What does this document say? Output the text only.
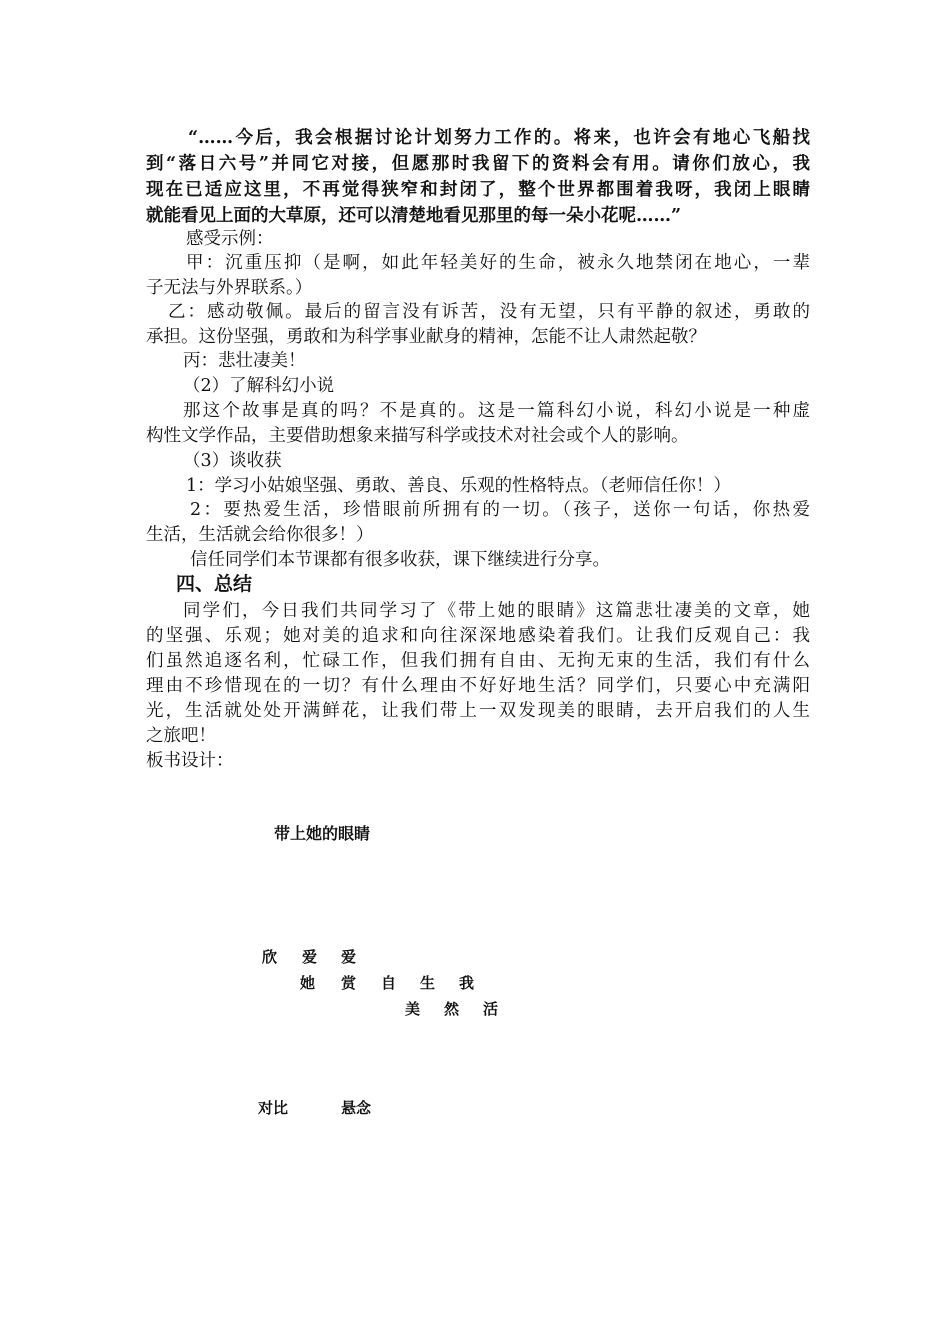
“……今后，我会根据讨论计划努力工作的。将来，也许会有地心飞船找
到“落日六号”并同它对接，但愿那时我留下的资料会有用。请你们放心，我
现在已适应这里，不再觉得狭窄和封闭了，整个世界都围着我呀，我闭上眼睛
就能看见上面的大草原，还可以清楚地看见那里的每一朵小花呢……”
感受示例：
甲：沉重压抑（是啊，如此年轻美好的生命，被永久地禁闭在地心，一辈
子无法与外界联系。）
乙：感动敬佩。最后的留言没有诉苦，没有无望，只有平静的叙述，勇敢的
承担。这份坚强，勇敢和为科学事业献身的精神，怎能不让人肃然起敬？
丙：悲壮凄美！
（2）了解科幻小说
那这个故事是真的吗？不是真的。这是一篇科幻小说，科幻小说是一种虚
构性文学作品，主要借助想象来描写科学或技术对社会或个人的影响。
（3）谈收获
1：学习小姑娘坚强、勇敢、善良、乐观的性格特点。（老师信任你！）
2：要热爱生活，珍惜眼前所拥有的一切。（孩子，送你一句话，你热爱
生活，生活就会给你很多！）
信任同学们本节课都有很多收获，课下继续进行分享。
四、总结
同学们，今日我们共同学习了《带上她的眼睛》这篇悲壮凄美的文章，她
的坚强、乐观；她对美的追求和向往深深地感染着我们。让我们反观自己：我
们虽然追逐名利，忙碌工作，但我们拥有自由、无拘无束的生活，我们有什么
理由不珍惜现在的一切？有什么理由不好好地生活？同学们，只要心中充满阳
光，生活就处处开满鲜花，让我们带上一双发现美的眼睛，去开启我们的人生
之旅吧！
板书设计：
带上她的眼睛
欣 爱 爱
她 赏 自 生 我
美 然 活
对比	悬念
